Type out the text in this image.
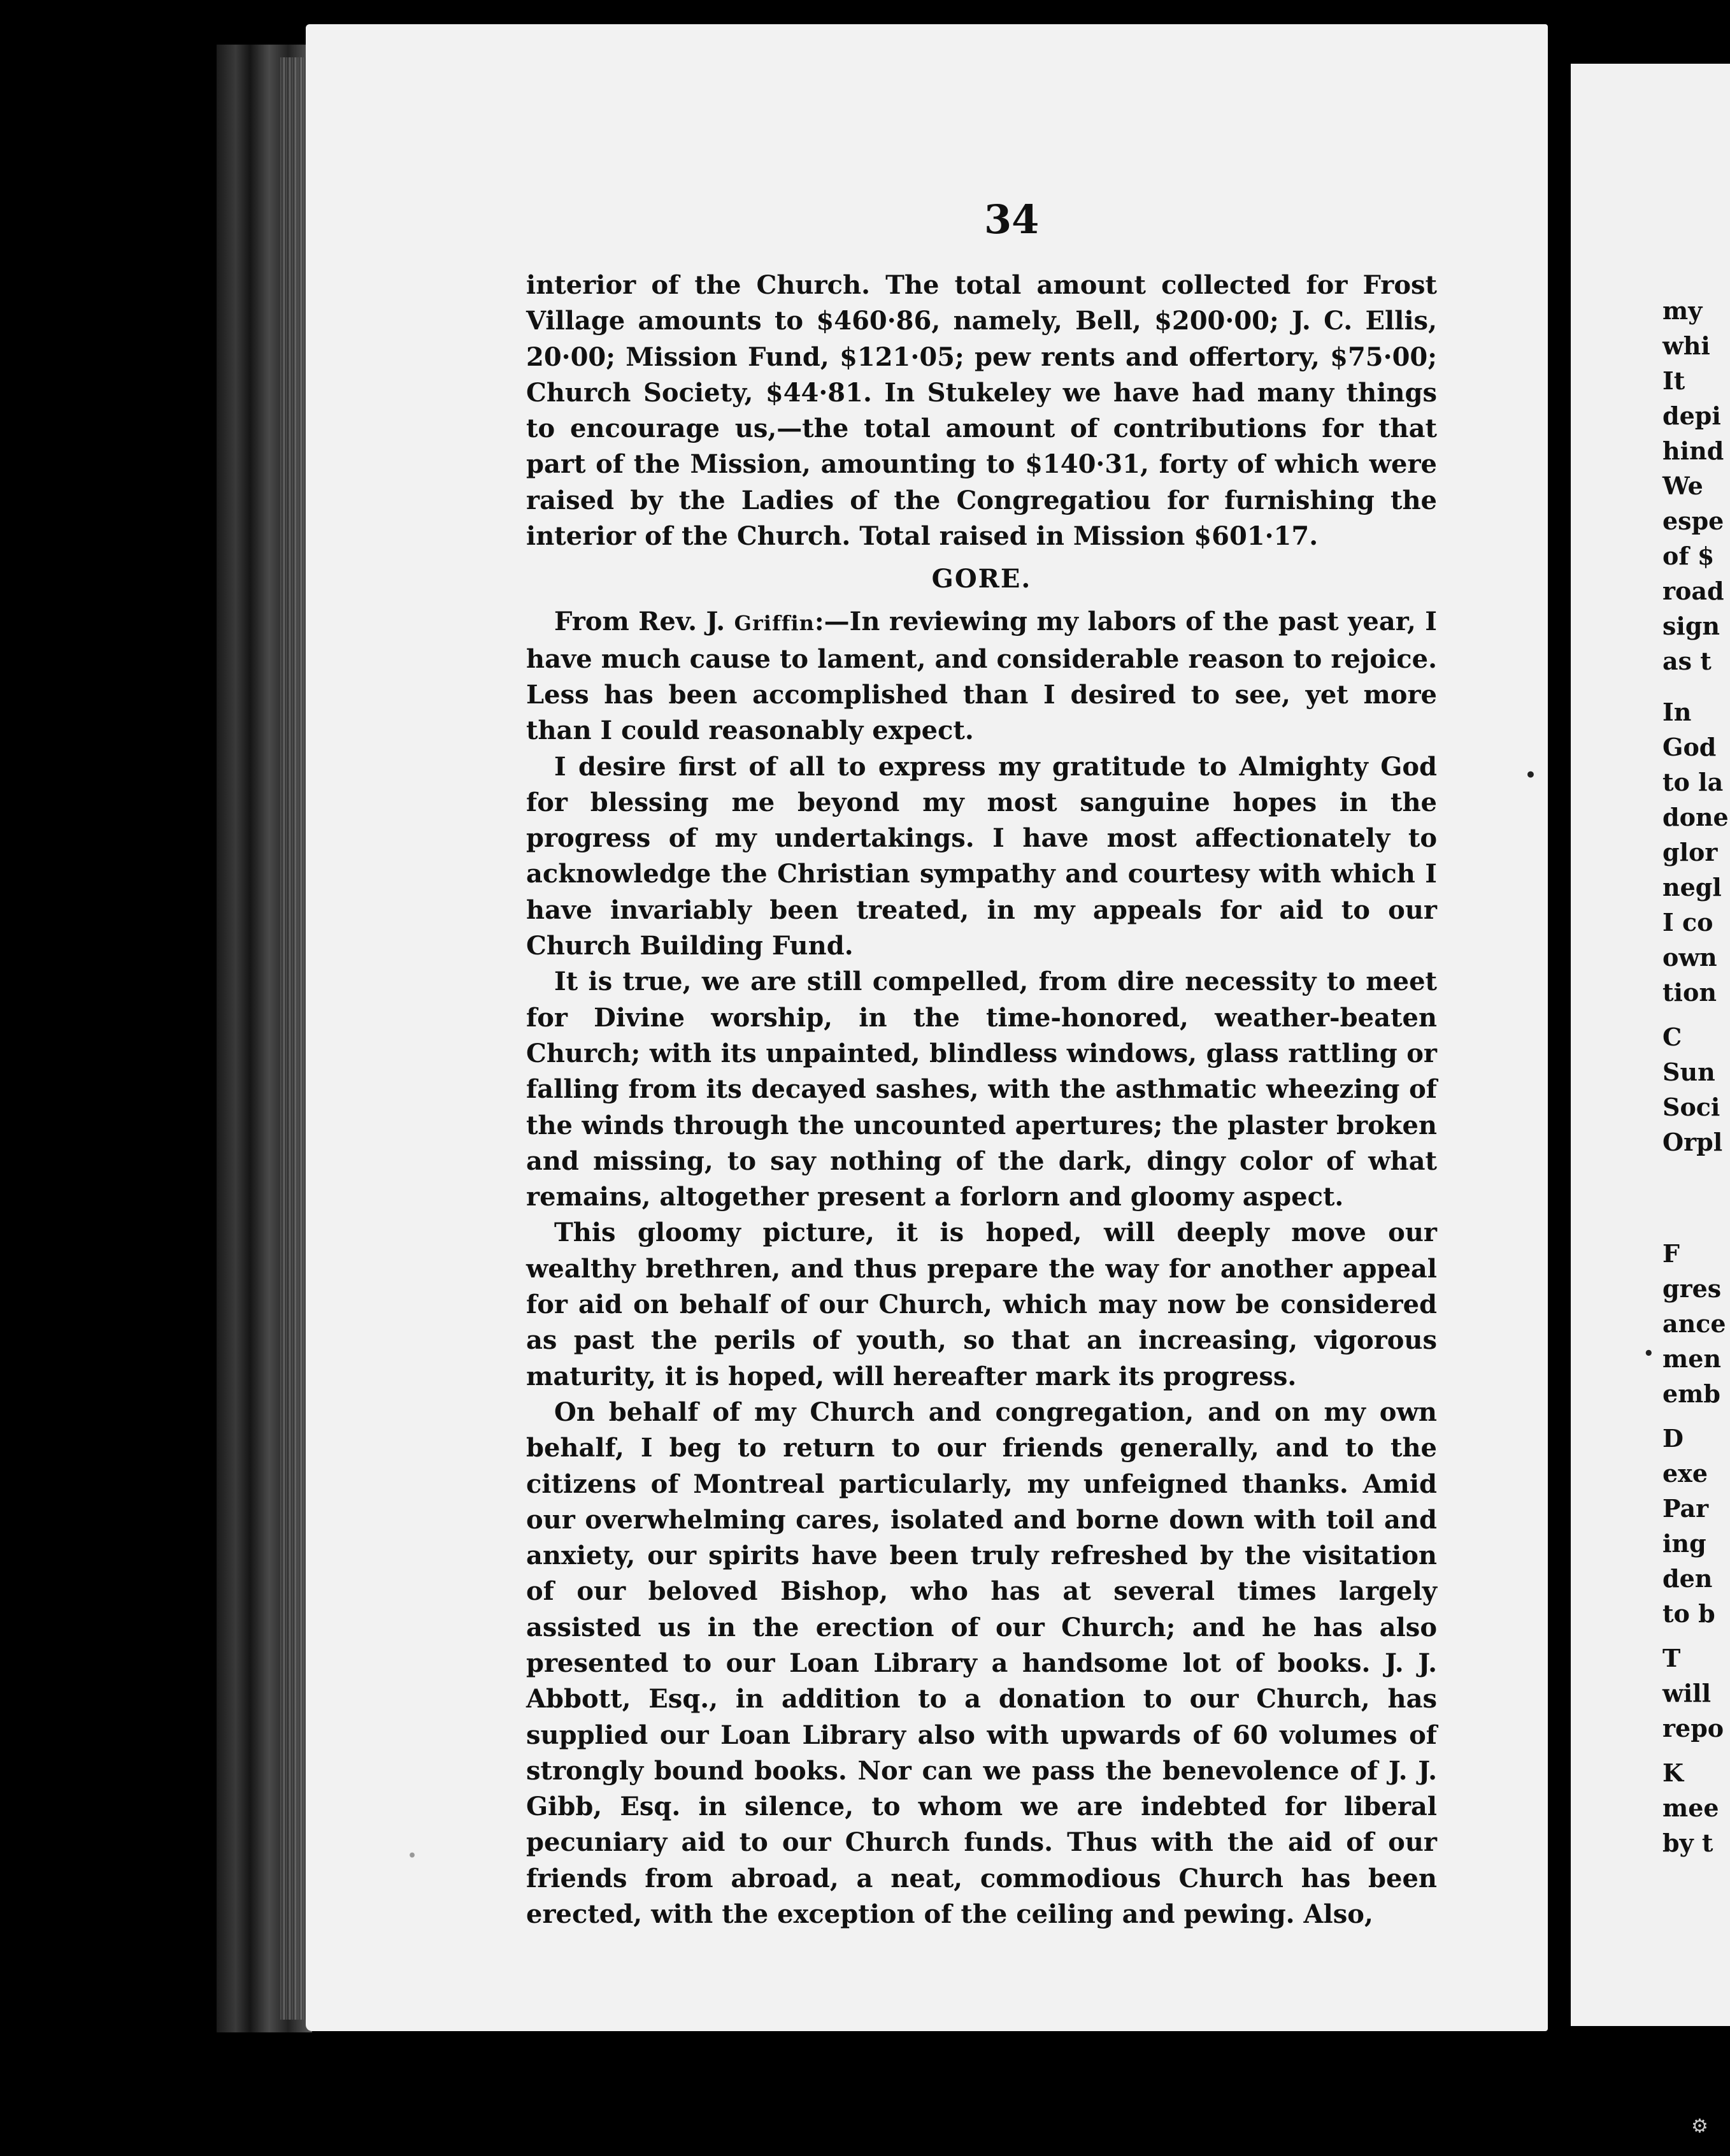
34

interior of the Church. The total amount collected for Frost Village amounts to $460·86, namely, Bell, $200·00; J. C. Ellis, 20·00; Mission Fund, $121·05; pew rents and offertory, $75·00; Church Society, $44·81. In Stukeley we have had many things to encourage us,—the total amount of contributions for that part of the Mission, amounting to $140·31, forty of which were raised by the Ladies of the Congregatiou for furnishing the interior of the Church. Total raised in Mission $601·17.

GORE.

From Rev. J. Griffin:—In reviewing my labors of the past year, I have much cause to lament, and considerable reason to rejoice. Less has been accomplished than I desired to see, yet more than I could reasonably expect.

I desire first of all to express my gratitude to Almighty God for blessing me beyond my most sanguine hopes in the progress of my undertakings. I have most affectionately to acknowledge the Christian sympathy and courtesy with which I have invariably been treated, in my appeals for aid to our Church Building Fund.

It is true, we are still compelled, from dire necessity to meet for Divine worship, in the time-honored, weather-beaten Church; with its unpainted, blindless windows, glass rattling or falling from its decayed sashes, with the asthmatic wheezing of the winds through the uncounted apertures; the plaster broken and missing, to say nothing of the dark, dingy color of what remains, altogether present a forlorn and gloomy aspect.

This gloomy picture, it is hoped, will deeply move our wealthy brethren, and thus prepare the way for another appeal for aid on behalf of our Church, which may now be considered as past the perils of youth, so that an increasing, vigorous maturity, it is hoped, will hereafter mark its progress.

On behalf of my Church and congregation, and on my own behalf, I beg to return to our friends generally, and to the citizens of Montreal particularly, my unfeigned thanks. Amid our overwhelming cares, isolated and borne down with toil and anxiety, our spirits have been truly refreshed by the visitation of our beloved Bishop, who has at several times largely assisted us in the erection of our Church; and he has also presented to our Loan Library a handsome lot of books. J. J. Abbott, Esq., in addition to a donation to our Church, has supplied our Loan Library also with upwards of 60 volumes of strongly bound books. Nor can we pass the benevolence of J. J. Gibb, Esq. in silence, to whom we are indebted for liberal pecuniary aid to our Church funds. Thus with the aid of our friends from abroad, a neat, commodious Church has been erected, with the exception of the ceiling and pewing. Also,

my
whi
It
depi
hind
We
espe
of $
road
sign
as t
In
God
to la
done
glor
negl
I co
own
tion
C
Sun
Soci
Orpl
F
gres
ance
men
emb
D
exe
Par
ing
den
to b
T
will
repo
K
mee
by t
•
•
•
⚙
